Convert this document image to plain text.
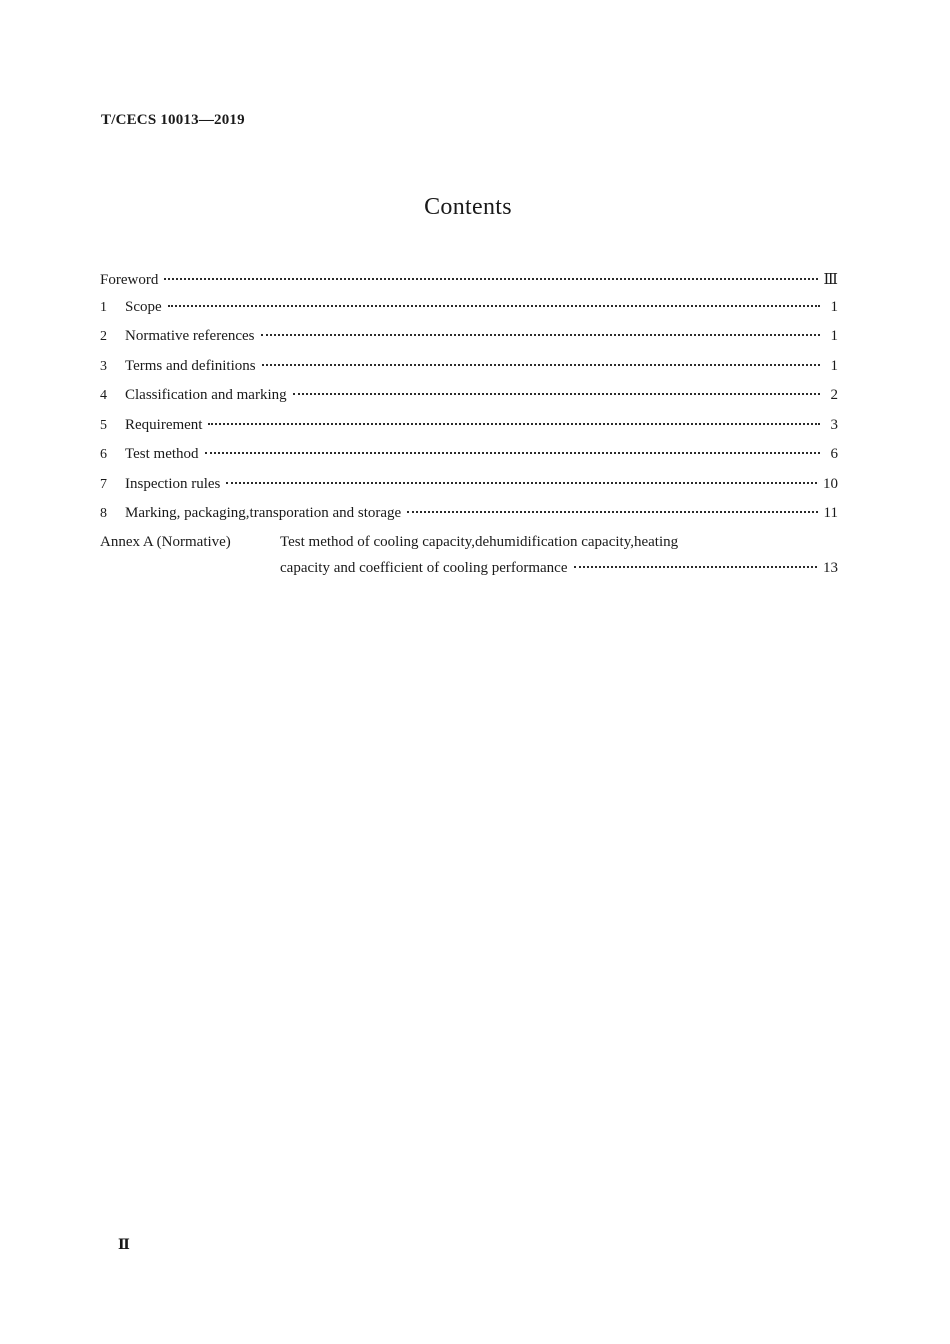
T/CECS 10013—2019
Contents
Foreword	Ⅲ
1	Scope	1
2	Normative references	1
3	Terms and definitions	1
4	Classification and marking	2
5	Requirement	3
6	Test method	6
7	Inspection rules	10
8	Marking, packaging,transporation and storage	11
Annex A (Normative)	Test method of cooling capacity,dehumidification capacity,heating
capacity and coefficient of cooling performance	13
Ⅱ
